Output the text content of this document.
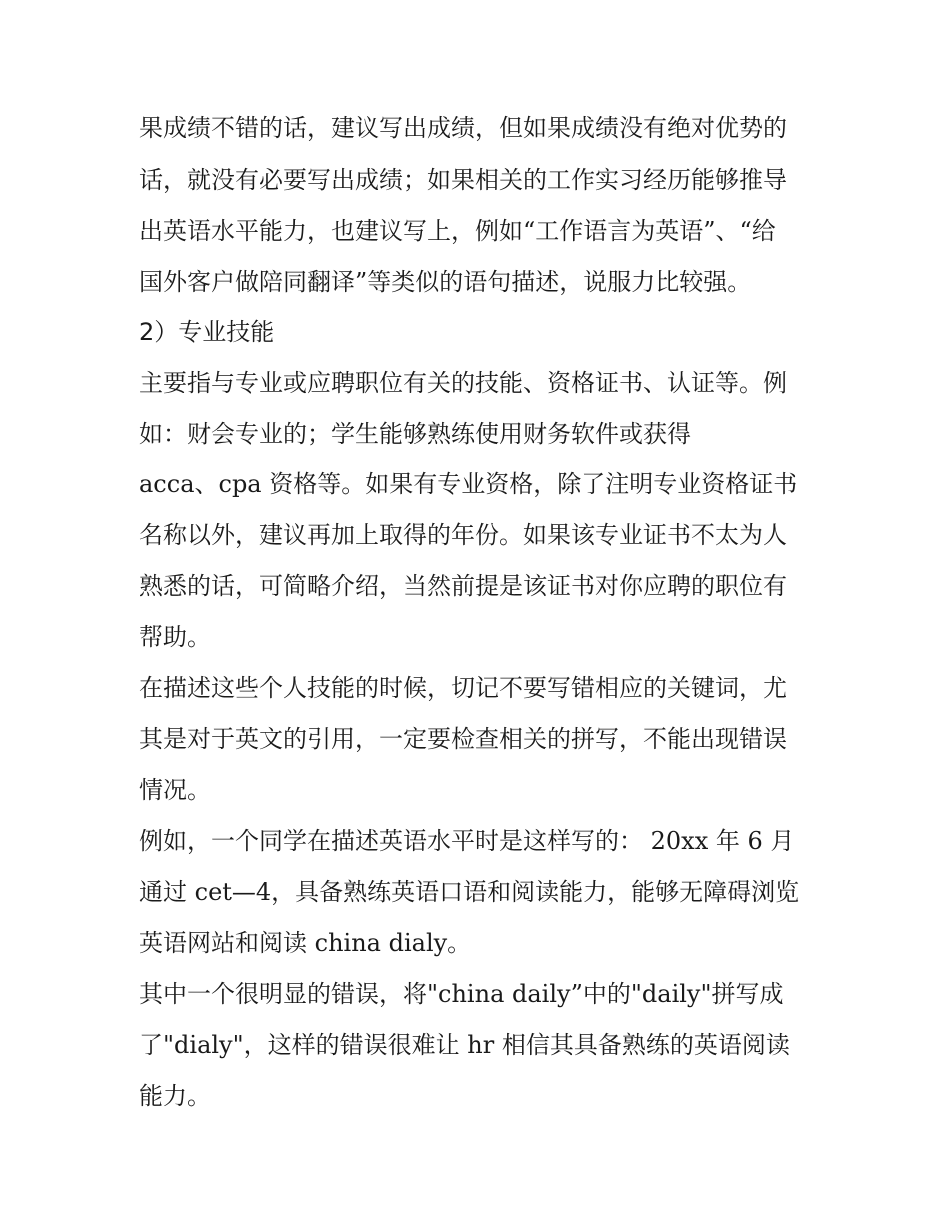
果成绩不错的话，建议写出成绩，但如果成绩没有绝对优势的
话，就没有必要写出成绩；如果相关的工作实习经历能够推导
出英语水平能力，也建议写上，例如“工作语言为英语”、“给
国外客户做陪同翻译”等类似的语句描述，说服力比较强。
2）专业技能
主要指与专业或应聘职位有关的技能、资格证书、认证等。例
如：财会专业的；学生能够熟练使用财务软件或获得
acca、cpa 资格等。如果有专业资格，除了注明专业资格证书
名称以外，建议再加上取得的年份。如果该专业证书不太为人
熟悉的话，可简略介绍，当然前提是该证书对你应聘的职位有
帮助。
在描述这些个人技能的时候，切记不要写错相应的关键词，尤
其是对于英文的引用，一定要检查相关的拼写，不能出现错误
情况。
例如，一个同学在描述英语水平时是这样写的： 20xx 年 6 月
通过 cet—4，具备熟练英语口语和阅读能力，能够无障碍浏览
英语网站和阅读 china dialy。
其中一个很明显的错误，将"china daily”中的"daily"拼写成
了"dialy"，这样的错误很难让 hr 相信其具备熟练的英语阅读
能力。
